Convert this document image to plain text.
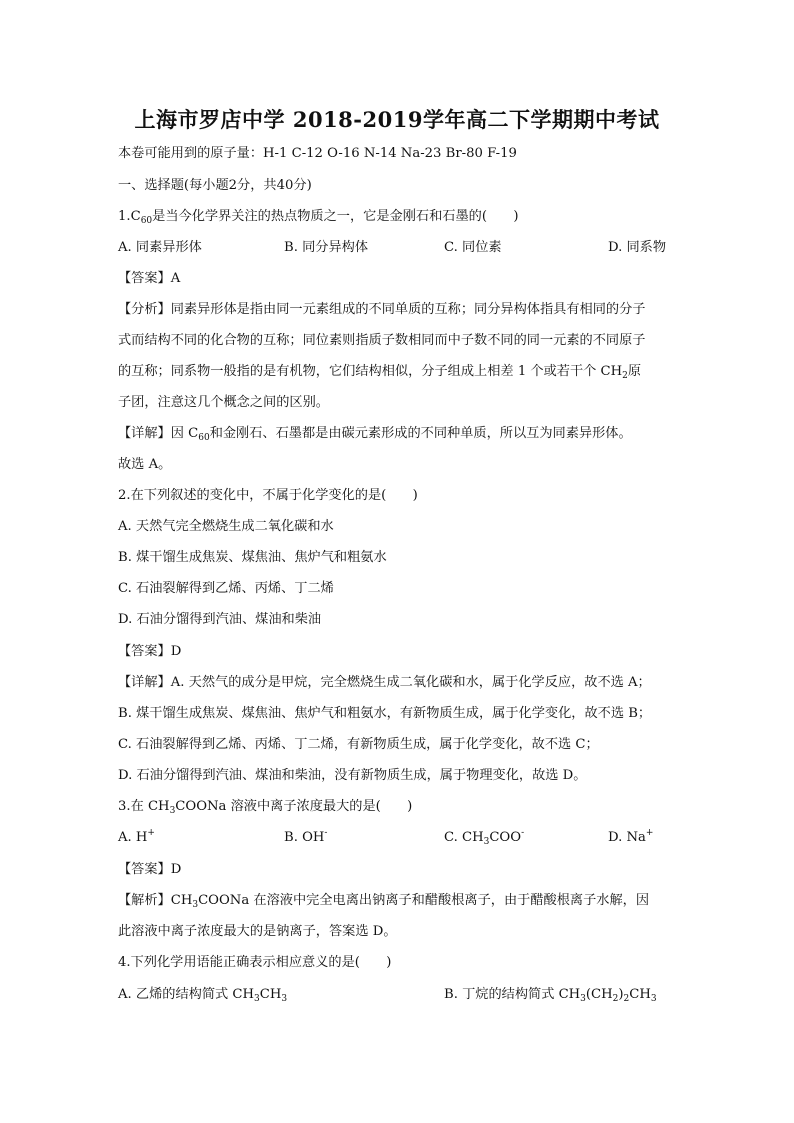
上海市罗店中学 2018-2019学年高二下学期期中考试
本卷可能用到的原子量：H-1 C-12 O-16 N-14 Na-23 Br-80 F-19
一、选择题(每小题2分，共40分)
$1.C_{60}$是当今化学界关注的热点物质之一，它是金刚石和石墨的(　　)
A. 同素异形体	B. 同分异构体	C. 同位素	D. 同系物
【答案】A
【分析】同素异形体是指由同一元素组成的不同单质的互称；同分异构体指具有相同的分子
式而结构不同的化合物的互称；同位素则指质子数相同而中子数不同的同一元素的不同原子
的互称；同系物一般指的是有机物，它们结构相似，分子组成上相差 1 个或若干个 $CH_2$原
子团，注意这几个概念之间的区别。
【详解】因 $C_{60}$和金刚石、石墨都是由碳元素形成的不同种单质，所以互为同素异形体。
故选 A。
2.在下列叙述的变化中，不属于化学变化的是(　　)
A. 天然气完全燃烧生成二氧化碳和水
B. 煤干馏生成焦炭、煤焦油、焦炉气和粗氨水
C. 石油裂解得到乙烯、丙烯、丁二烯
D. 石油分馏得到汽油、煤油和柴油
【答案】D
【详解】A. 天然气的成分是甲烷，完全燃烧生成二氧化碳和水，属于化学反应，故不选 A；
B. 煤干馏生成焦炭、煤焦油、焦炉气和粗氨水，有新物质生成，属于化学变化，故不选 B；
C. 石油裂解得到乙烯、丙烯、丁二烯，有新物质生成，属于化学变化，故不选 C；
D. 石油分馏得到汽油、煤油和柴油，没有新物质生成，属于物理变化，故选 D。
3.在 $CH_3COONa$ 溶液中离子浓度最大的是(　　)
A. H+	B. OH-	C. $CH_3COO^-$	D. Na+
【答案】D
【解析】$CH_3COONa$ 在溶液中完全电离出钠离子和醋酸根离子，由于醋酸根离子水解，因
此溶液中离子浓度最大的是钠离子，答案选 D。
4.下列化学用语能正确表示相应意义的是(　　)
A. 乙烯的结构简式 $CH_3CH_3$	B. 丁烷的结构简式 $CH_3(CH_2)_2CH_3$
